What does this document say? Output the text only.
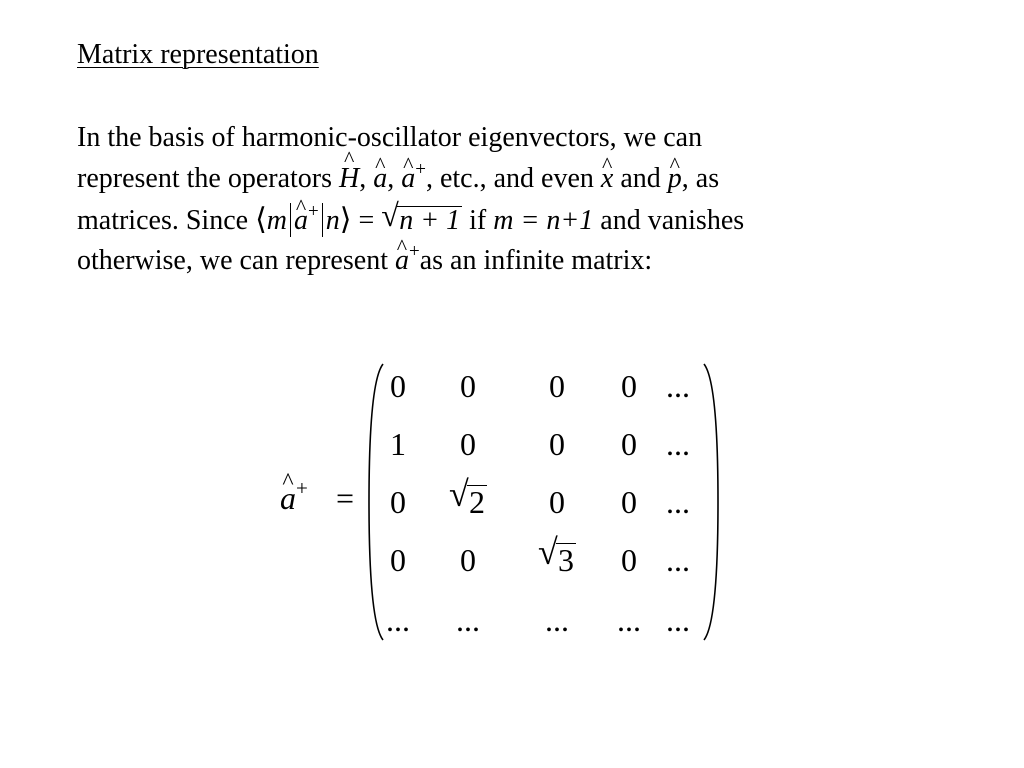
Matrix representation
In the basis of harmonic-oscillator eigenvectors, we can
represent the operators ^ H, ^ a, ^ a+, etc., and even ^ x and ^ p, as
matrices. Since ⟨m ^ a+ n⟩ = √ n + 1 if m = n+1 and vanishes
otherwise, we can represent ^ a+as an infinite matrix:
^ a+ =
0	0	0	0 ...
1	0	0	0 ...
0	√ 2	0	0 ...
0	0	√ 3	0 ...
...	...	...	... ...
